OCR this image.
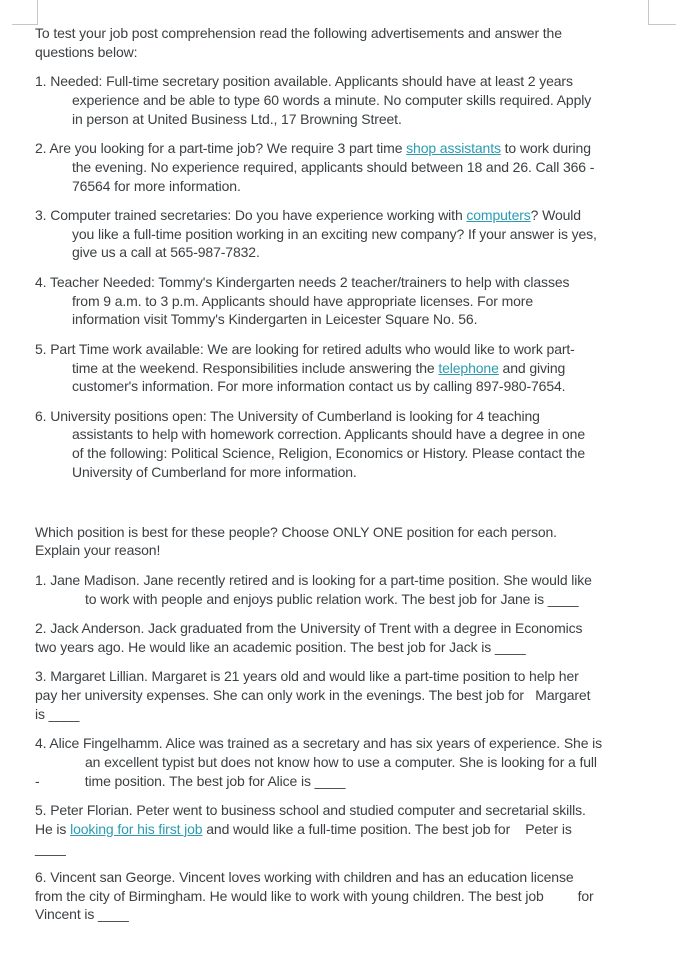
To test your job post comprehension read the following advertisements and answer the
questions below:
1. Needed: Full-time secretary position available. Applicants should have at least 2 years
experience and be able to type 60 words a minute. No computer skills required. Apply
in person at United Business Ltd., 17 Browning Street.
2. Are you looking for a part-time job? We require 3 part time shop assistants to work during
the evening. No experience required, applicants should between 18 and 26. Call 366 -
76564 for more information.
3. Computer trained secretaries: Do you have experience working with computers? Would
you like a full-time position working in an exciting new company? If your answer is yes,
give us a call at 565-987-7832.
4. Teacher Needed: Tommy's Kindergarten needs 2 teacher/trainers to help with classes
from 9 a.m. to 3 p.m. Applicants should have appropriate licenses. For more
information visit Tommy's Kindergarten in Leicester Square No. 56.
5. Part Time work available: We are looking for retired adults who would like to work part-
time at the weekend. Responsibilities include answering the telephone and giving
customer's information. For more information contact us by calling 897-980-7654.
6. University positions open: The University of Cumberland is looking for 4 teaching
assistants to help with homework correction. Applicants should have a degree in one
of the following: Political Science, Religion, Economics or History. Please contact the
University of Cumberland for more information.
Which position is best for these people? Choose ONLY ONE position for each person.
Explain your reason!
1. Jane Madison. Jane recently retired and is looking for a part-time position. She would like
to work with people and enjoys public relation work. The best job for Jane is ____
2. Jack Anderson. Jack graduated from the University of Trent with a degree in Economics
two years ago. He would like an academic position. The best job for Jack is ____
3. Margaret Lillian. Margaret is 21 years old and would like a part-time position to help her
pay her university expenses. She can only work in the evenings. The best job for   Margaret
is ____
4. Alice Fingelhamm. Alice was trained as a secretary and has six years of experience. She is
an excellent typist but does not know how to use a computer. She is looking for a full
-            time position. The best job for Alice is ____
5. Peter Florian. Peter went to business school and studied computer and secretarial skills.
He is looking for his first job and would like a full-time position. The best job for    Peter is
____
6. Vincent san George. Vincent loves working with children and has an education license
from the city of Birmingham. He would like to work with young children. The best job         for
Vincent is ____
